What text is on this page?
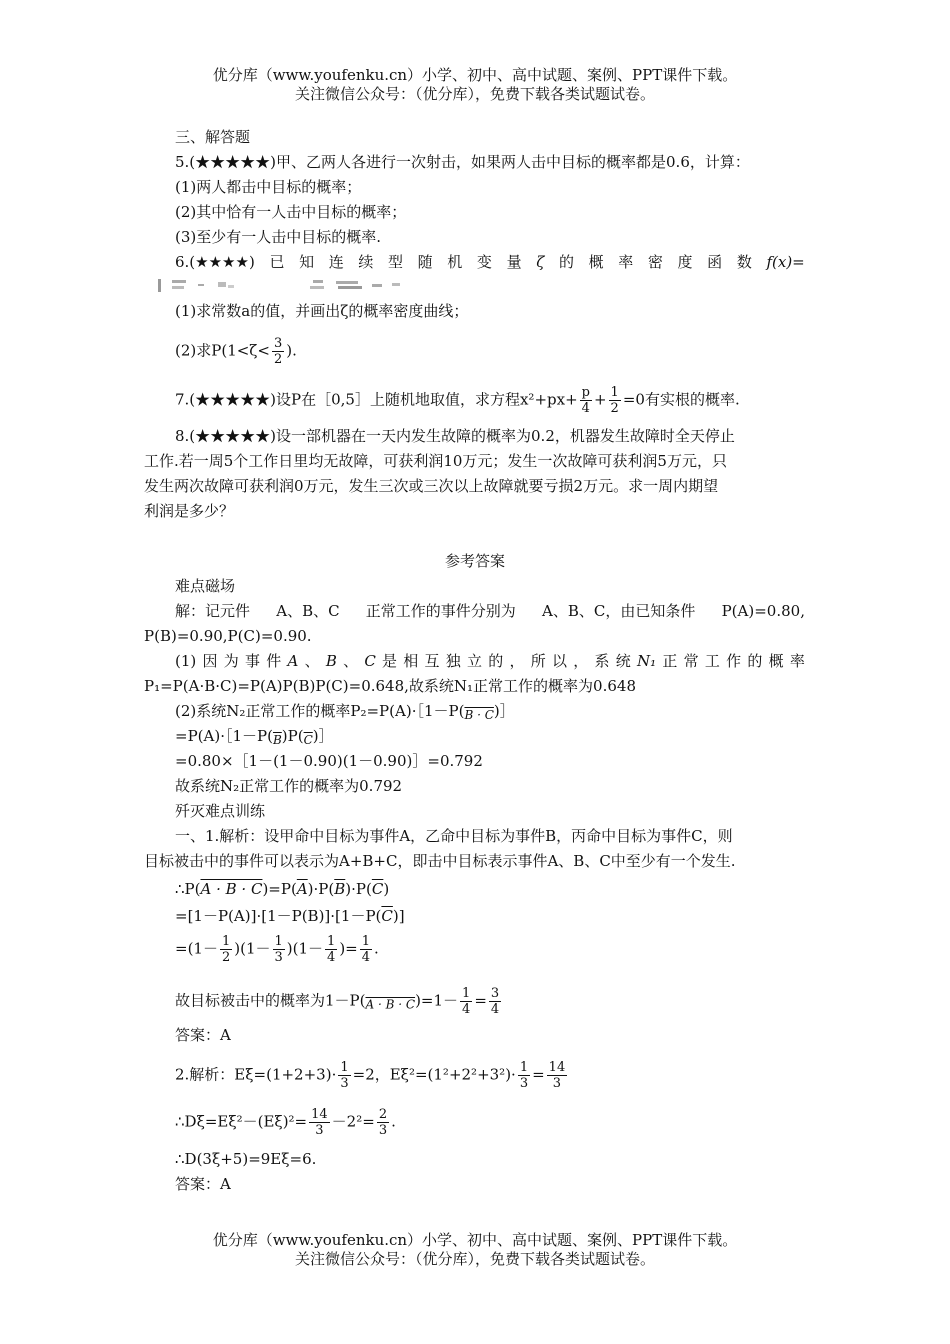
优分库（www.youfenku.cn）小学、初中、高中试题、案例、PPT课件下载。
关注微信公众号：（优分库），免费下载各类试题试卷。
三、解答题
5.(★★★★★)甲、乙两人各进行一次射击，如果两人击中目标的概率都是0.6，计算：
(1)两人都击中目标的概率；
(2)其中恰有一人击中目标的概率；
(3)至少有一人击中目标的概率.
6.(★★★★) 已 知 连 续 型 随 机 变 量 ζ 的 概 率 密 度 函 数 f(x)=
(1)求常数a的值，并画出ζ的概率密度曲线；
(2)求$P(1<\zeta< \frac{3}{2}$ ).
7.(★★★★★)设P在［0,5］上随机地取值，求方程$x^2+px+ \frac{p}{4} + \frac{1}{2} =0$有实根的概率.
8.(★★★★★)设一部机器在一天内发生故障的概率为0.2，机器发生故障时全天停止
工作.若一周5个工作日里均无故障，可获利润10万元；发生一次故障可获利润5万元，只
发生两次故障可获利润0万元，发生三次或三次以上故障就要亏损2万元。求一周内期望
利润是多少？
参考答案
难点磁场
解：记元件 A、B、C 正常工作的事件分别为 A、B、C，由已知条件 P(A)=0.80,
P(B)=0.90,P(C)=0.90.
(1) 因 为 事 件 A 、 B 、 C 是 相 互 独 立 的 ， 所 以 ， 系 统 N₁ 正 常 工 作 的 概 率
P₁=P(A·B·C)=P(A)P(B)P(C)=0.648,故系统N₁正常工作的概率为0.648
(2)系统N₂正常工作的概率$P_2=P(A)\cdot[1-P(_{B \cdot C})]$
$=P(A)\cdot[1-P(_{\overline{B}})P(_{\overline{C}})]$
=0.80×［1－(1－0.90)(1－0.90)］=0.792
故系统N₂正常工作的概率为0.792
歼灭难点训练
一、1.解析：设甲命中目标为事件A，乙命中目标为事件B，丙命中目标为事件C，则
目标被击中的事件可以表示为A+B+C，即击中目标表示事件A、B、C中至少有一个发生.
∴P(A · $B \cdot C)=P(\overline{A})\cdot P(\overline{B})\cdot P(\overline{C})$
$=[1-P(A)]\cdot[1-P(B)]\cdot[1-P(\overline{C})]$
$=(1- \frac{1}{2} )(1- \frac{1}{3} )(1- \frac{1}{4}$ )= $\frac{1}{4}$ .
故目标被击中的概率为$1-P(_{A \cdot B \cdot C})=1- \frac{1}{4} = \frac{3}{4}$
答案：A
2.解析：$E\xi=(1+2+3)\cdot \frac{1}{3} =2$，$E\xi^2=(1^2+2^2+3^2)\cdot \frac{1}{3} = \frac{14}{3}$
∴Dξ=Eξ²－(Eξ)²= $\frac{14}{3} -2^2= \frac{2}{3}$ .
∴D(3ξ+5)=9Eξ=6.
答案：A
优分库（www.youfenku.cn）小学、初中、高中试题、案例、PPT课件下载。
关注微信公众号：（优分库），免费下载各类试题试卷。
